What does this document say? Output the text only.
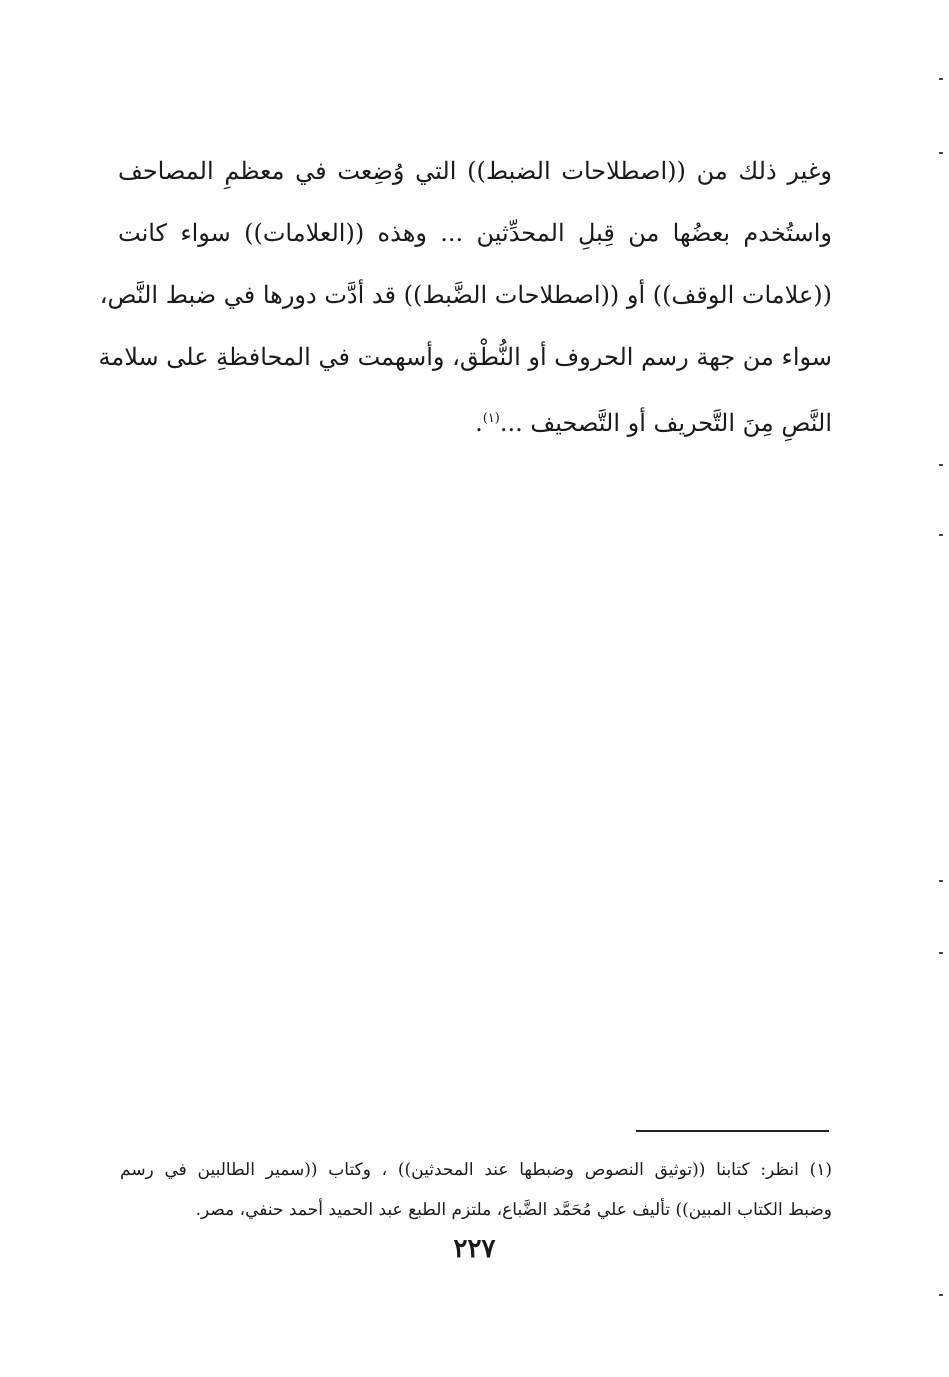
وغير ذلك من ((اصطلاحات الضبط)) التي وُضِعت في معظمِ المصاحف
واستُخدم بعضُها من قِبلِ المحدِّثين ... وهذه ((العلامات)) سواء كانت
((علامات الوقف)) أو ((اصطلاحات الضَّبط)) قد أدَّت دورها في ضبط النَّص،
سواء من جهة رسم الحروف أو النُّطْق، وأسهمت في المحافظةِ على سلامة
النَّصِ مِنَ التَّحريف أو التَّصحيف ...$^{(١)}$.
(١) انظر: كتابنا ((توثيق النصوص وضبطها عند المحدثين)) ، وكتاب ((سمير الطالبين في رسم
وضبط الكتاب المبين)) تأليف علي مُحَمَّد الضَّباع، ملتزم الطبع عبد الحميد أحمد حنفي، مصر.
٢٢٧
